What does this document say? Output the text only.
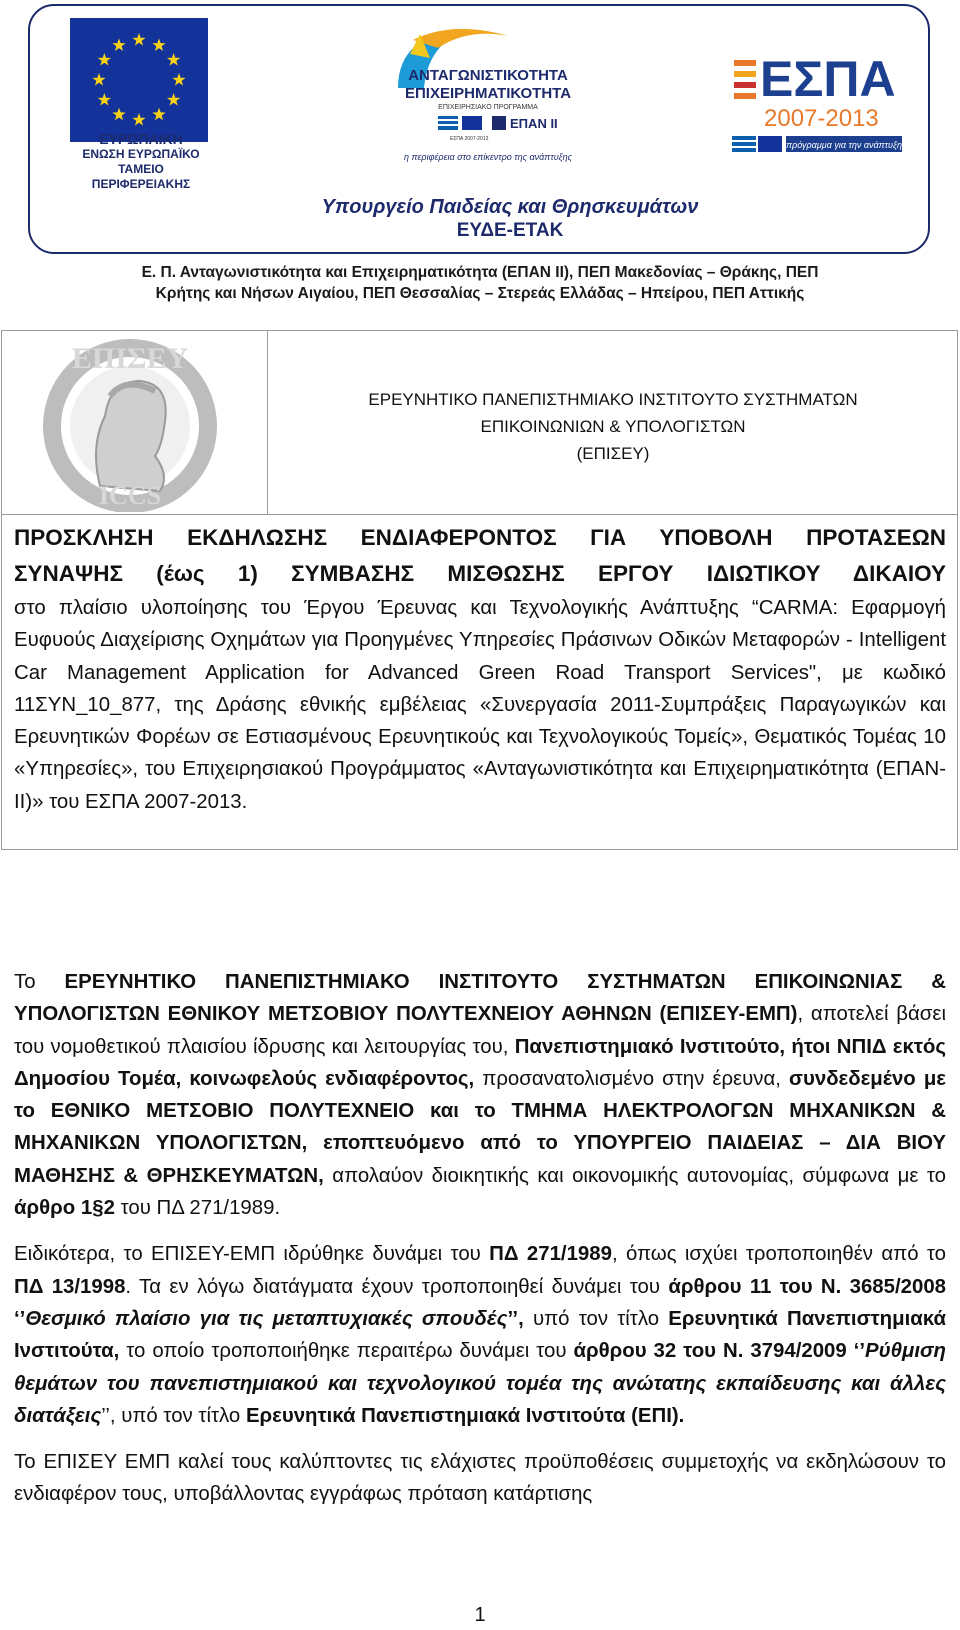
ΕΥΡΩΠΑΙΚΗ
ΕΝΩΣΗ ΕΥΡΩΠΑΪΚΟ
ΤΑΜΕΙΟ
ΠΕΡΙΦΕΡΕΙΑΚΗΣ
ΑΝΤΑΓΩΝΙΣΤΙΚΟΤΗΤΑ
ΕΠΙΧΕΙΡΗΜΑΤΙΚΟΤΗΤΑ
ΕΠΙΧΕΙΡΗΣΙΑΚΟ ΠΡΟΓΡΑΜΜΑ
ΕΠΑΝ ΙΙ
ΕΣΠΑ 2007-2013
η περιφέρεια στο επίκεντρο της ανάπτυξης
ΕΣΠΑ
2007-2013
πρόγραμμα για την ανάπτυξη
Υπουργείο Παιδείας και Θρησκευμάτων
ΕΥΔΕ-ΕΤΑΚ
Ε. Π. Ανταγωνιστικότητα και Επιχειρηματικότητα (ΕΠΑΝ ΙΙ), ΠΕΠ Μακεδονίας – Θράκης, ΠΕΠ
Κρήτης και Νήσων Αιγαίου, ΠΕΠ Θεσσαλίας – Στερεάς Ελλάδας – Ηπείρου, ΠΕΠ Αττικής
ΕΠΙΣΕΥ
ICCS
ΕΡΕΥΝΗΤΙΚΟ ΠΑΝΕΠΙΣΤΗΜΙΑΚΟ ΙΝΣΤΙΤΟΥΤΟ ΣΥΣΤΗΜΑΤΩΝ
ΕΠΙΚΟΙΝΩΝΙΩΝ & ΥΠΟΛΟΓΙΣΤΩΝ
(ΕΠΙΣΕΥ)
ΠΡΟΣΚΛΗΣΗ ΕΚΔΗΛΩΣΗΣ ΕΝΔΙΑΦΕΡΟΝΤΟΣ ΓΙΑ ΥΠΟΒΟΛΗ ΠΡΟΤΑΣΕΩΝ
ΣΥΝΑΨΗΣ (έως 1) ΣΥΜΒΑΣΗΣ ΜΙΣΘΩΣΗΣ ΕΡΓΟΥ ΙΔΙΩΤΙΚΟΥ ΔΙΚΑΙΟΥ
στο πλαίσιο υλοποίησης του Έργου Έρευνας και Τεχνολογικής Ανάπτυξης “CARMA: Εφαρμογή Ευφυούς Διαχείρισης Οχημάτων για Προηγμένες Υπηρεσίες Πράσινων Οδικών Μεταφορών - Intelligent Car Management Application for Advanced Green Road Transport Services", με κωδικό 11ΣΥΝ_10_877, της Δράσης εθνικής εμβέλειας «Συνεργασία 2011-Συμπράξεις Παραγωγικών και Ερευνητικών Φορέων σε Εστιασμένους Ερευνητικούς και Τεχνολογικούς Τομείς», Θεματικός Τομέας 10 «Υπηρεσίες», του Επιχειρησιακού Προγράμματος «Ανταγωνιστικότητα και Επιχειρηματικότητα (ΕΠΑΝ-ΙΙ)» του ΕΣΠΑ 2007-2013.

Το ΕΡΕΥΝΗΤΙΚΟ ΠΑΝΕΠΙΣΤΗΜΙΑΚΟ ΙΝΣΤΙΤΟΥΤΟ ΣΥΣΤΗΜΑΤΩΝ ΕΠΙΚΟΙΝΩΝΙΑΣ & ΥΠΟΛΟΓΙΣΤΩΝ ΕΘΝΙΚΟΥ ΜΕΤΣΟΒΙΟΥ ΠΟΛΥΤΕΧΝΕΙΟΥ ΑΘΗΝΩΝ (ΕΠΙΣΕΥ-ΕΜΠ), αποτελεί βάσει του νομοθετικού πλαισίου ίδρυσης και λειτουργίας του, Πανεπιστημιακό Ινστιτούτο, ήτοι ΝΠΙΔ εκτός Δημοσίου Τομέα, κοινωφελούς ενδιαφέροντος, προσανατολισμένο στην έρευνα, συνδεδεμένο με το ΕΘΝΙΚΟ ΜΕΤΣΟΒΙΟ ΠΟΛΥΤΕΧΝΕΙΟ και το ΤΜΗΜΑ ΗΛΕΚΤΡΟΛΟΓΩΝ ΜΗΧΑΝΙΚΩΝ & ΜΗΧΑΝΙΚΩΝ ΥΠΟΛΟΓΙΣΤΩΝ, εποπτευόμενο από το ΥΠΟΥΡΓΕΙΟ ΠΑΙΔΕΙΑΣ – ΔΙΑ ΒΙΟΥ ΜΑΘΗΣΗΣ & ΘΡΗΣΚΕΥΜΑΤΩΝ, απολαύον διοικητικής και οικονομικής αυτονομίας, σύμφωνα με το άρθρο 1§2 του ΠΔ 271/1989.

Ειδικότερα, το ΕΠΙΣΕΥ-ΕΜΠ ιδρύθηκε δυνάμει του ΠΔ 271/1989, όπως ισχύει τροποποιηθέν από το ΠΔ 13/1998. Τα εν λόγω διατάγματα έχουν τροποποιηθεί δυνάμει του άρθρου 11 του Ν. 3685/2008 ‘’Θεσμικό πλαίσιο για τις μεταπτυχιακές σπουδές’’, υπό τον τίτλο Ερευνητικά Πανεπιστημιακά Ινστιτούτα, το οποίο τροποποιήθηκε περαιτέρω δυνάμει του άρθρου 32 του Ν. 3794/2009 ‘’Ρύθμιση θεμάτων του πανεπιστημιακού και τεχνολογικού τομέα της ανώτατης εκπαίδευσης και άλλες διατάξεις’’, υπό τον τίτλο Ερευνητικά Πανεπιστημιακά Ινστιτούτα (ΕΠΙ).

Το ΕΠΙΣΕΥ ΕΜΠ καλεί τους καλύπτοντες τις ελάχιστες προϋποθέσεις συμμετοχής να εκδηλώσουν το ενδιαφέρον τους, υποβάλλοντας εγγράφως πρόταση κατάρτισης

1
